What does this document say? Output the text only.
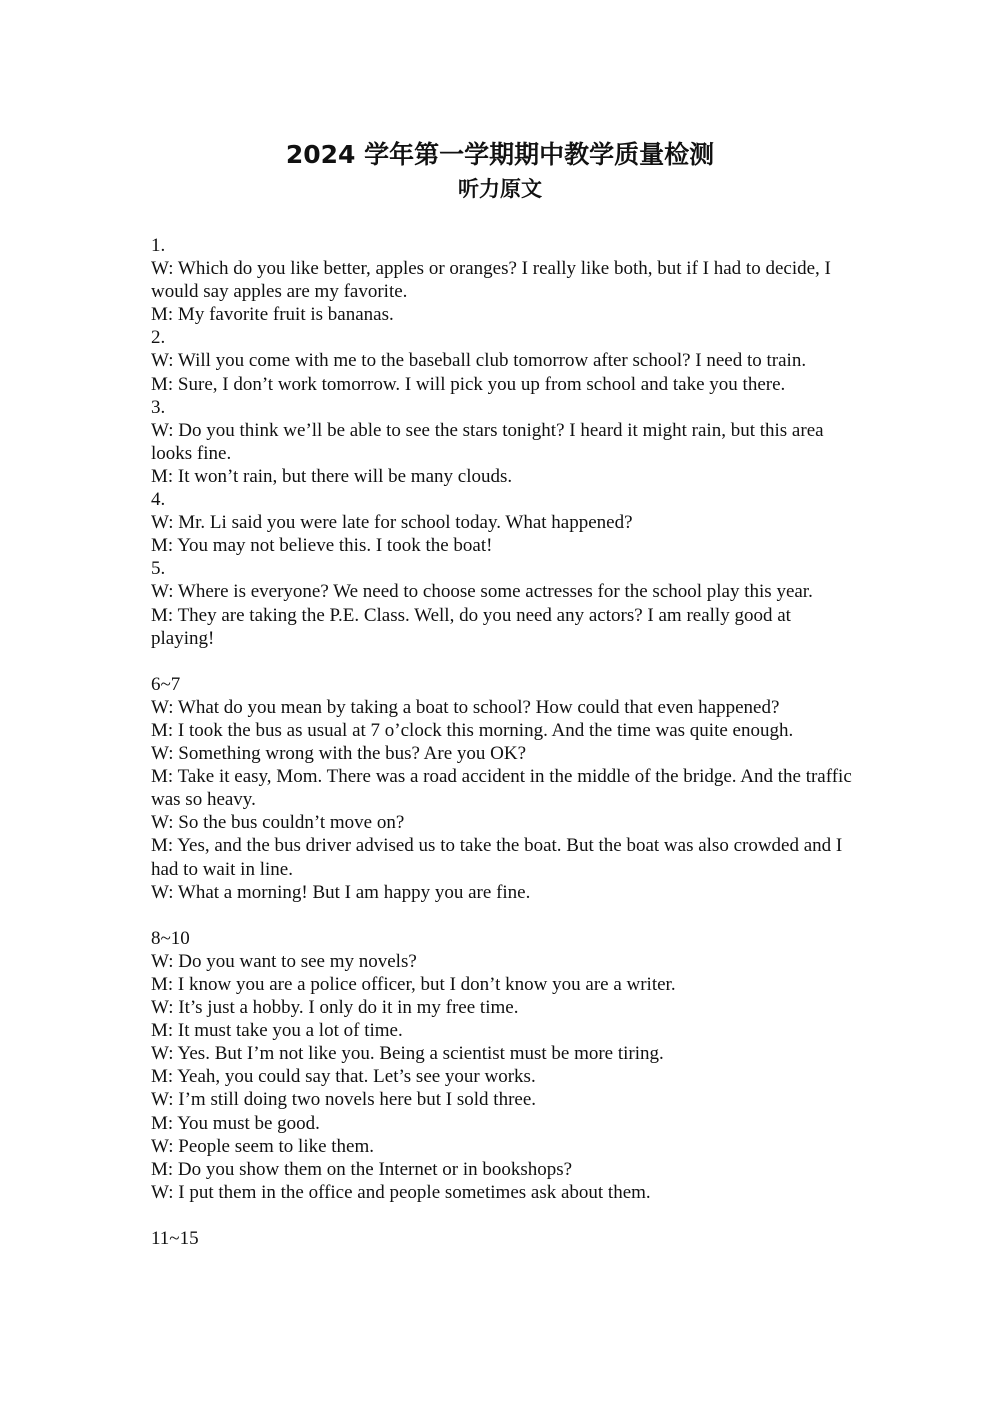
2024 学年第一学期期中教学质量检测
听力原文

1.

W: Which do you like better, apples or oranges? I really like both, but if I had to decide, I would say apples are my favorite.

M: My favorite fruit is bananas.

2.

W: Will you come with me to the baseball club tomorrow after school? I need to train.

M: Sure, I don’t work tomorrow. I will pick you up from school and take you there.

3.

W: Do you think we’ll be able to see the stars tonight? I heard it might rain, but this area looks fine.

M: It won’t rain, but there will be many clouds.

4.

W: Mr. Li said you were late for school today. What happened?

M: You may not believe this. I took the boat!

5.

W: Where is everyone? We need to choose some actresses for the school play this year.

M: They are taking the P.E. Class. Well, do you need any actors? I am really good at playing!

6~7

W: What do you mean by taking a boat to school? How could that even happened?

M: I took the bus as usual at 7 o’clock this morning. And the time was quite enough.

W: Something wrong with the bus? Are you OK?

M: Take it easy, Mom. There was a road accident in the middle of the bridge. And the traffic was so heavy.

W: So the bus couldn’t move on?

M: Yes, and the bus driver advised us to take the boat. But the boat was also crowded and I had to wait in line.

W: What a morning! But I am happy you are fine.

8~10

W: Do you want to see my novels?

M: I know you are a police officer, but I don’t know you are a writer.

W: It’s just a hobby. I only do it in my free time.

M: It must take you a lot of time.

W: Yes. But I’m not like you. Being a scientist must be more tiring.

M: Yeah, you could say that. Let’s see your works.

W: I’m still doing two novels here but I sold three.

M: You must be good.

W: People seem to like them.

M: Do you show them on the Internet or in bookshops?

W: I put them in the office and people sometimes ask about them.

11~15
